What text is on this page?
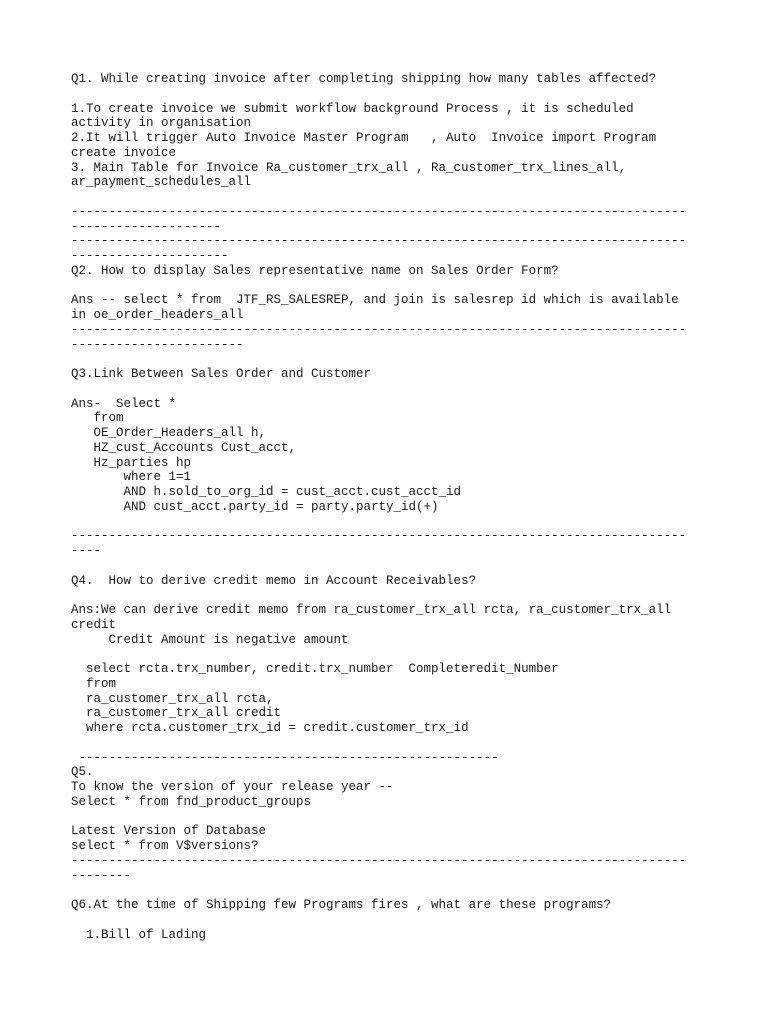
Q1. While creating invoice after completing shipping how many tables affected?
1.To create invoice we submit workflow background Process , it is scheduled
activity in organisation
2.It will trigger Auto Invoice Master Program   , Auto  Invoice import Program
create invoice
3. Main Table for Invoice Ra_customer_trx_all , Ra_customer_trx_lines_all,
ar_payment_schedules_all
----------------------------------------------------------------------------------
--------------------
----------------------------------------------------------------------------------
---------------------
Q2. How to display Sales representative name on Sales Order Form?
Ans -- select * from  JTF_RS_SALESREP, and join is salesrep id which is available
in oe_order_headers_all
----------------------------------------------------------------------------------
-----------------------
Q3.Link Between Sales Order and Customer
Ans-  Select *
from
OE_Order_Headers_all h,
HZ_cust_Accounts Cust_acct,
Hz_parties hp
where 1=1
AND h.sold_to_org_id = cust_acct.cust_acct_id
AND cust_acct.party_id = party.party_id(+)
----------------------------------------------------------------------------------
----
Q4.  How to derive credit memo in Account Receivables?
Ans:We can derive credit memo from ra_customer_trx_all rcta, ra_customer_trx_all
credit
Credit Amount is negative amount
select rcta.trx_number, credit.trx_number  Completeredit_Number
from
ra_customer_trx_all rcta,
ra_customer_trx_all credit
where rcta.customer_trx_id = credit.customer_trx_id
--------------------------------------------------------
Q5.
To know the version of your release year --
Select * from fnd_product_groups
Latest Version of Database
select * from V$versions?
----------------------------------------------------------------------------------
--------
Q6.At the time of Shipping few Programs fires , what are these programs?
1.Bill of Lading
